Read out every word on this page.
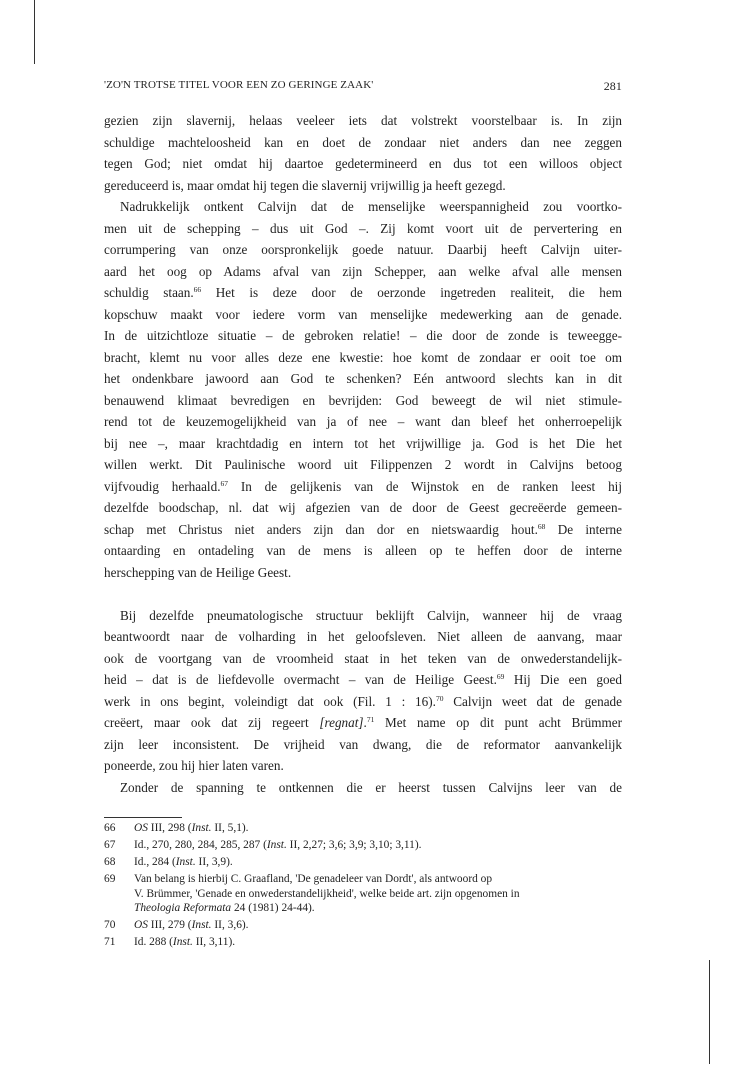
'ZO'N TROTSE TITEL VOOR EEN ZO GERINGE ZAAK'	281
gezien zijn slavernij, helaas veeleer iets dat volstrekt voorstelbaar is. In zijn
schuldige machteloosheid kan en doet de zondaar niet anders dan nee zeggen
tegen God; niet omdat hij daartoe gedetermineerd en dus tot een willoos object
gereduceerd is, maar omdat hij tegen die slavernij vrijwillig ja heeft gezegd.
Nadrukkelijk ontkent Calvijn dat de menselijke weerspannigheid zou voortko-
men uit de schepping – dus uit God –. Zij komt voort uit de pervertering en
corrumpering van onze oorspronkelijk goede natuur. Daarbij heeft Calvijn uiter-
aard het oog op Adams afval van zijn Schepper, aan welke afval alle mensen
schuldig staan.$^{66}$ Het is deze door de oerzonde ingetreden realiteit, die hem
kopschuw maakt voor iedere vorm van menselijke medewerking aan de genade.
In de uitzichtloze situatie – de gebroken relatie! – die door de zonde is teweegge-
bracht, klemt nu voor alles deze ene kwestie: hoe komt de zondaar er ooit toe om
het ondenkbare jawoord aan God te schenken? Eén antwoord slechts kan in dit
benauwend klimaat bevredigen en bevrijden: God beweegt de wil niet stimule-
rend tot de keuzemogelijkheid van ja of nee – want dan bleef het onherroepelijk
bij nee –, maar krachtdadig en intern tot het vrijwillige ja. God is het Die het
willen werkt. Dit Paulinische woord uit Filippenzen 2 wordt in Calvijns betoog
vijfvoudig herhaald.$^{67}$ In de gelijkenis van de Wijnstok en de ranken leest hij
dezelfde boodschap, nl. dat wij afgezien van de door de Geest gecreëerde gemeen-
schap met Christus niet anders zijn dan dor en nietswaardig hout.$^{68}$ De interne
ontaarding en ontadeling van de mens is alleen op te heffen door de interne
herschepping van de Heilige Geest.
Bij dezelfde pneumatologische structuur beklijft Calvijn, wanneer hij de vraag
beantwoordt naar de volharding in het geloofsleven. Niet alleen de aanvang, maar
ook de voortgang van de vroomheid staat in het teken van de onwederstandelijk-
heid – dat is de liefdevolle overmacht – van de Heilige Geest.$^{69}$ Hij Die een goed
werk in ons begint, voleindigt dat ook (Fil. 1 : 16).$^{70}$ Calvijn weet dat de genade
creëert, maar ook dat zij regeert [regnat].$^{71}$ Met name op dit punt acht Brümmer
zijn leer inconsistent. De vrijheid van dwang, die de reformator aanvankelijk
poneerde, zou hij hier laten varen.
Zonder de spanning te ontkennen die er heerst tussen Calvijns leer van de
66 OS III, 298 (Inst. II, 5,1).
67 Id., 270, 280, 284, 285, 287 (Inst. II, 2,27; 3,6; 3,9; 3,10; 3,11).
68 Id., 284 (Inst. II, 3,9).
69 Van belang is hierbij C. Graafland, 'De genadeleer van Dordt', als antwoord op
V. Brümmer, 'Genade en onwederstandelijkheid', welke beide art. zijn opgenomen in
Theologia Reformata 24 (1981) 24-44).
70 OS III, 279 (Inst. II, 3,6).
71 Id. 288 (Inst. II, 3,11).
